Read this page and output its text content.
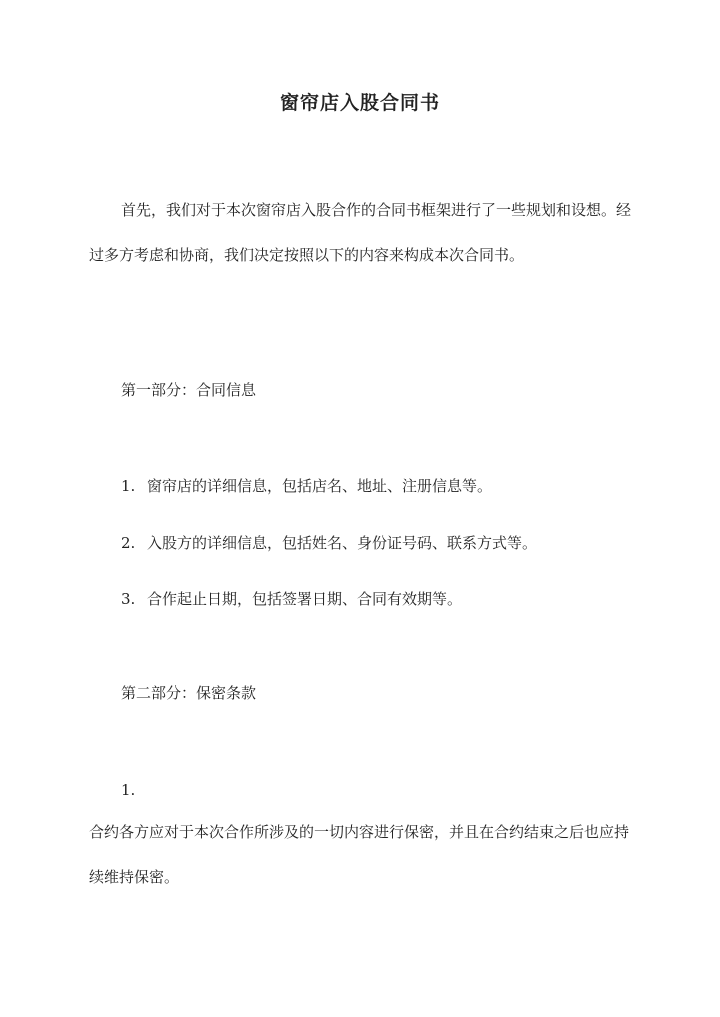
窗帘店入股合同书

首先，我们对于本次窗帘店入股合作的合同书框架进行了一些规划和设想。经过多方考虑和协商，我们决定按照以下的内容来构成本次合同书。

第一部分：合同信息

1. 窗帘店的详细信息，包括店名、地址、注册信息等。

2. 入股方的详细信息，包括姓名、身份证号码、联系方式等。

3. 合作起止日期，包括签署日期、合同有效期等。

第二部分：保密条款

1.

合约各方应对于本次合作所涉及的一切内容进行保密，并且在合约结束之后也应持续维持保密。
